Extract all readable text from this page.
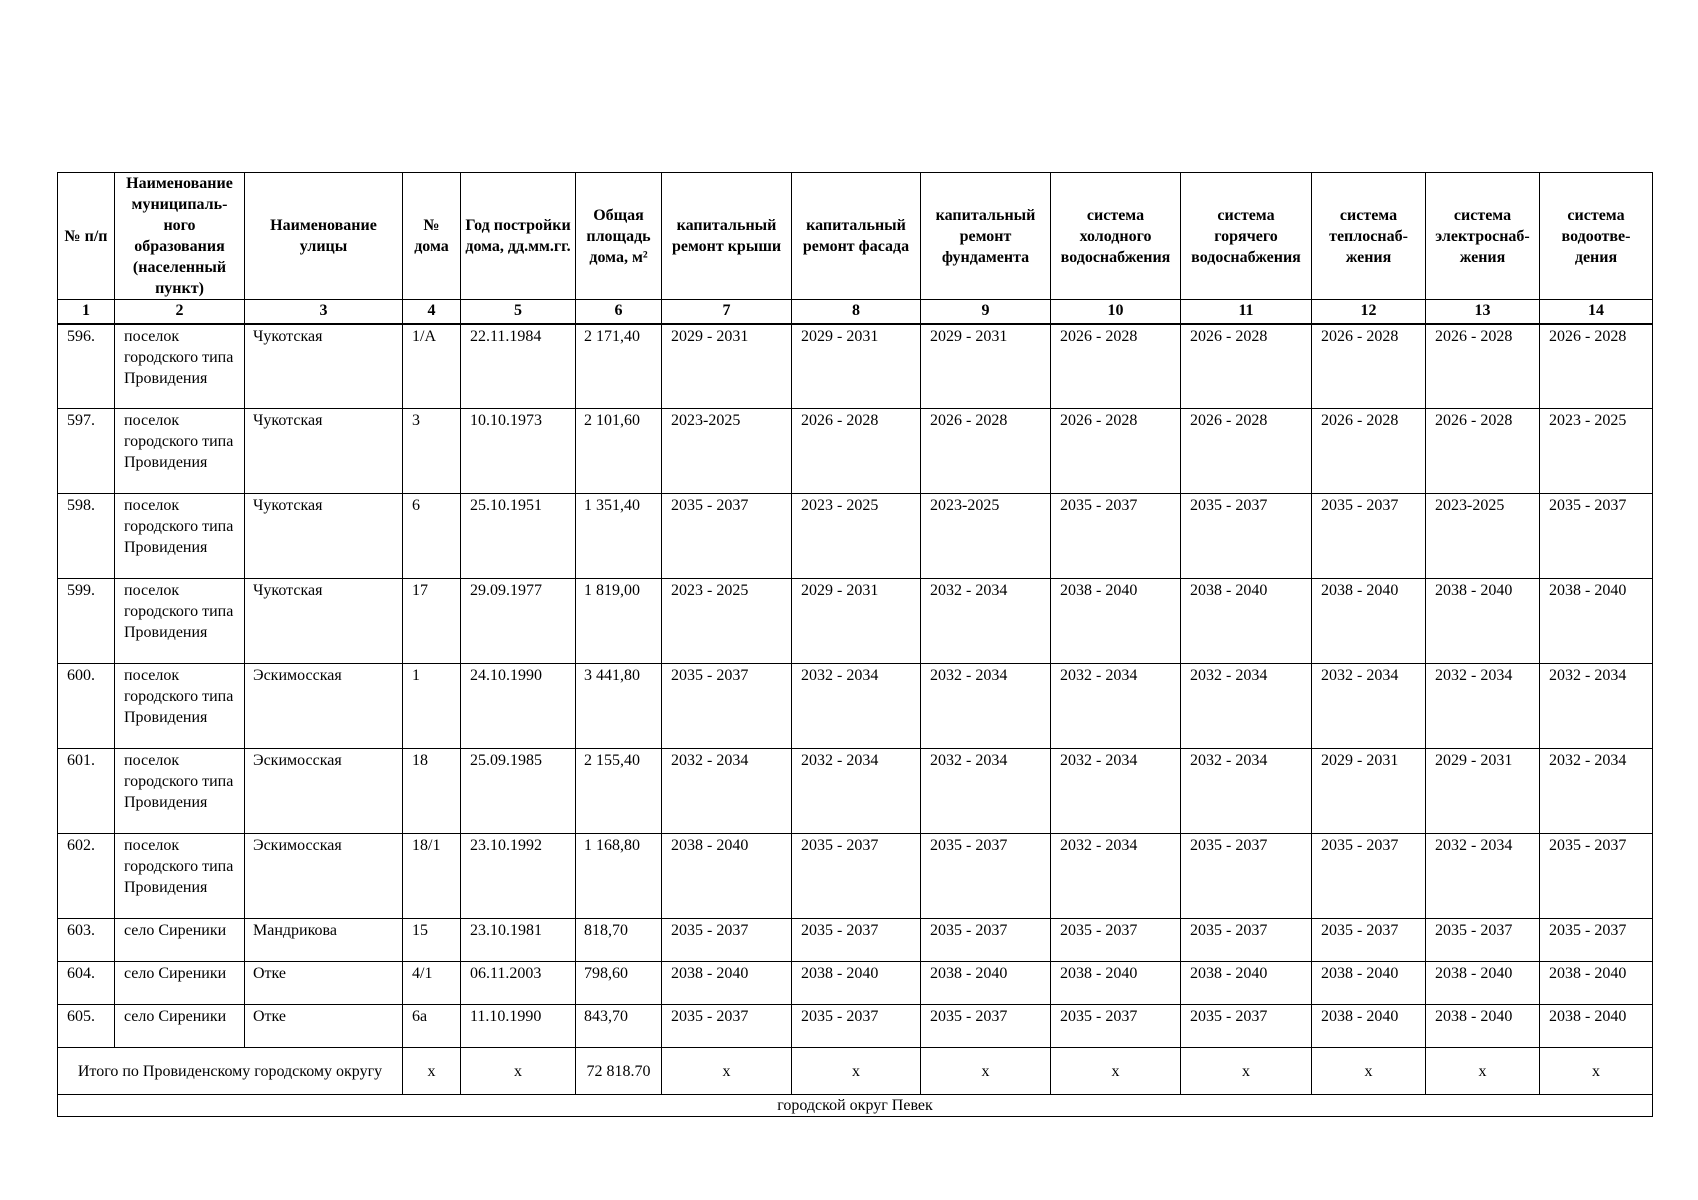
№ п/п	Наименование муниципаль-ного образования (населенный пункт)	Наименование улицы	№ дома	Год постройки дома, дд.мм.гг.	Общая площадь дома, м²	капитальный ремонт крыши	капитальный ремонт фасада	капитальный ремонт фундамента	система холодного водоснабжения	система горячего водоснабжения	система теплоснаб-жения	система электроснаб-жения	система водоотве-дения
1	2	3	4	5	6	7	8	9	10	11	12	13	14
596.	поселок городского типа Провидения	Чукотская	1/А	22.11.1984	2 171,40	2029 - 2031	2029 - 2031	2029 - 2031	2026 - 2028	2026 - 2028	2026 - 2028	2026 - 2028	2026 - 2028
597.	поселок городского типа Провидения	Чукотская	3	10.10.1973	2 101,60	2023-2025	2026 - 2028	2026 - 2028	2026 - 2028	2026 - 2028	2026 - 2028	2026 - 2028	2023 - 2025
598.	поселок городского типа Провидения	Чукотская	6	25.10.1951	1 351,40	2035 - 2037	2023 - 2025	2023-2025	2035 - 2037	2035 - 2037	2035 - 2037	2023-2025	2035 - 2037
599.	поселок городского типа Провидения	Чукотская	17	29.09.1977	1 819,00	2023 - 2025	2029 - 2031	2032 - 2034	2038 - 2040	2038 - 2040	2038 - 2040	2038 - 2040	2038 - 2040
600.	поселок городского типа Провидения	Эскимосская	1	24.10.1990	3 441,80	2035 - 2037	2032 - 2034	2032 - 2034	2032 - 2034	2032 - 2034	2032 - 2034	2032 - 2034	2032 - 2034
601.	поселок городского типа Провидения	Эскимосская	18	25.09.1985	2 155,40	2032 - 2034	2032 - 2034	2032 - 2034	2032 - 2034	2032 - 2034	2029 - 2031	2029 - 2031	2032 - 2034
602.	поселок городского типа Провидения	Эскимосская	18/1	23.10.1992	1 168,80	2038 - 2040	2035 - 2037	2035 - 2037	2032 - 2034	2035 - 2037	2035 - 2037	2032 - 2034	2035 - 2037
603.	село Сиреники	Мандрикова	15	23.10.1981	818,70	2035 - 2037	2035 - 2037	2035 - 2037	2035 - 2037	2035 - 2037	2035 - 2037	2035 - 2037	2035 - 2037
604.	село Сиреники	Отке	4/1	06.11.2003	798,60	2038 - 2040	2038 - 2040	2038 - 2040	2038 - 2040	2038 - 2040	2038 - 2040	2038 - 2040	2038 - 2040
605.	село Сиреники	Отке	6а	11.10.1990	843,70	2035 - 2037	2035 - 2037	2035 - 2037	2035 - 2037	2035 - 2037	2038 - 2040	2038 - 2040	2038 - 2040
Итого по Провиденскому городскому округу			х	х	72 818.70	х	х	х	х	х	х	х	х
городской округ Певек													
